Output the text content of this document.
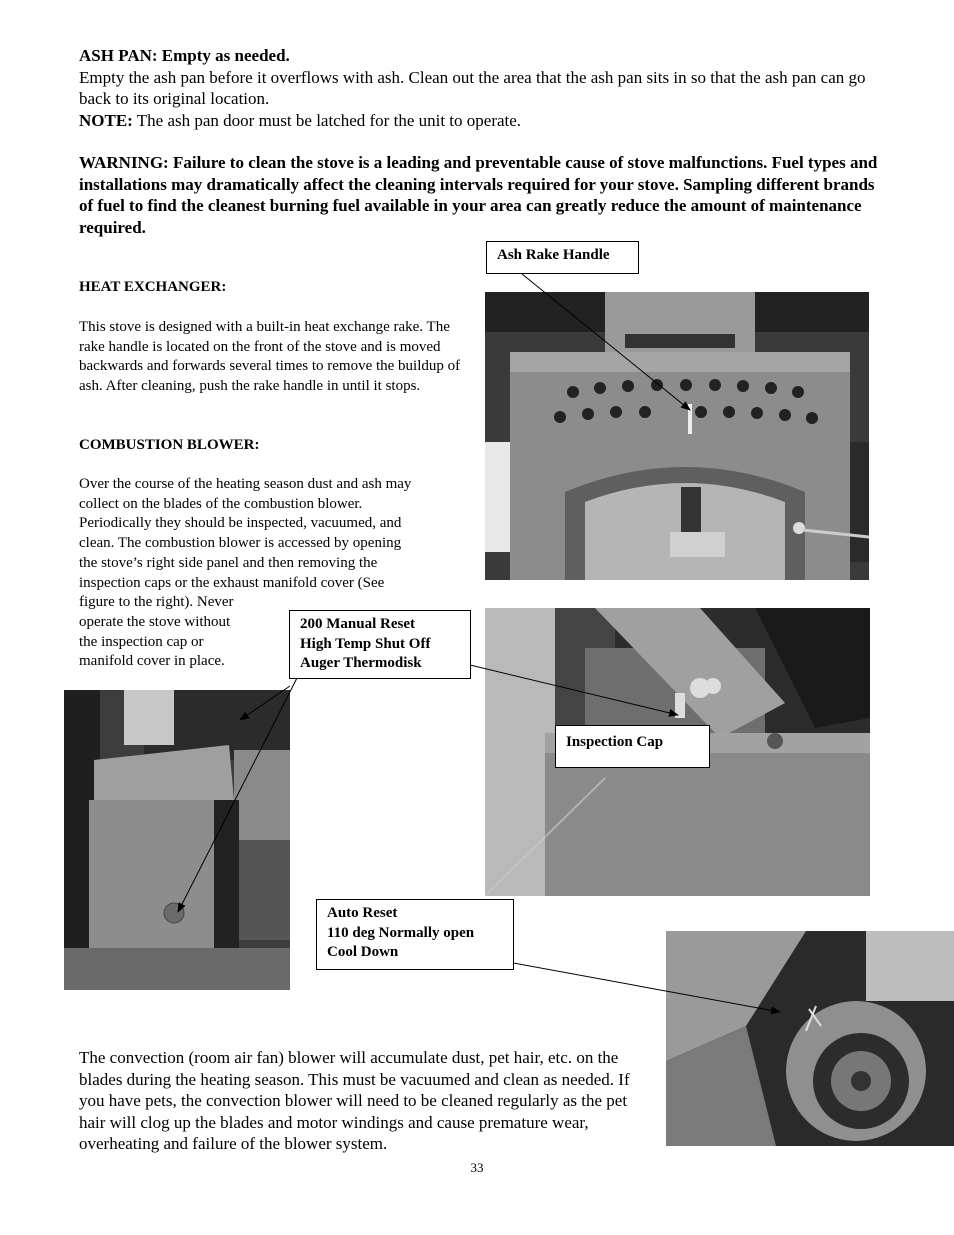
ASH PAN: Empty as needed.
Empty the ash pan before it overflows with ash. Clean out the area that the ash pan sits in so that the ash pan can go back to its original location.
NOTE: The ash pan door must be latched for the unit to operate.
WARNING: Failure to clean the stove is a leading and preventable cause of stove malfunctions. Fuel types and installations may dramatically affect the cleaning intervals required for your stove. Sampling different brands of fuel to find the cleanest burning fuel available in your area can greatly reduce the amount of maintenance required.
HEAT EXCHANGER:
This stove is designed with a built-in heat exchange rake. The rake handle is located on the front of the stove and is moved backwards and forwards several times to remove the buildup of ash. After cleaning, push the rake handle in until it stops.
COMBUSTION BLOWER:
Over the course of the heating season dust and ash may
collect on the blades of the combustion blower.
Periodically they should be inspected, vacuumed, and
clean. The combustion blower is accessed by opening
the stove’s right side panel and then removing the
inspection caps or the exhaust manifold cover (See
figure to the right). Never
operate the stove without
the inspection cap or
manifold cover in place.
Ash Rake Handle
200 Manual Reset
High Temp Shut Off
Auger Thermodisk
Inspection Cap
Auto Reset
110 deg Normally open
Cool Down
The convection (room air fan) blower will accumulate dust, pet hair, etc. on the blades during the heating season. This must be vacuumed and clean as needed. If you have pets, the convection blower will need to be cleaned regularly as the pet hair will clog up the blades and motor windings and cause premature wear, overheating and failure of the blower system.
33
